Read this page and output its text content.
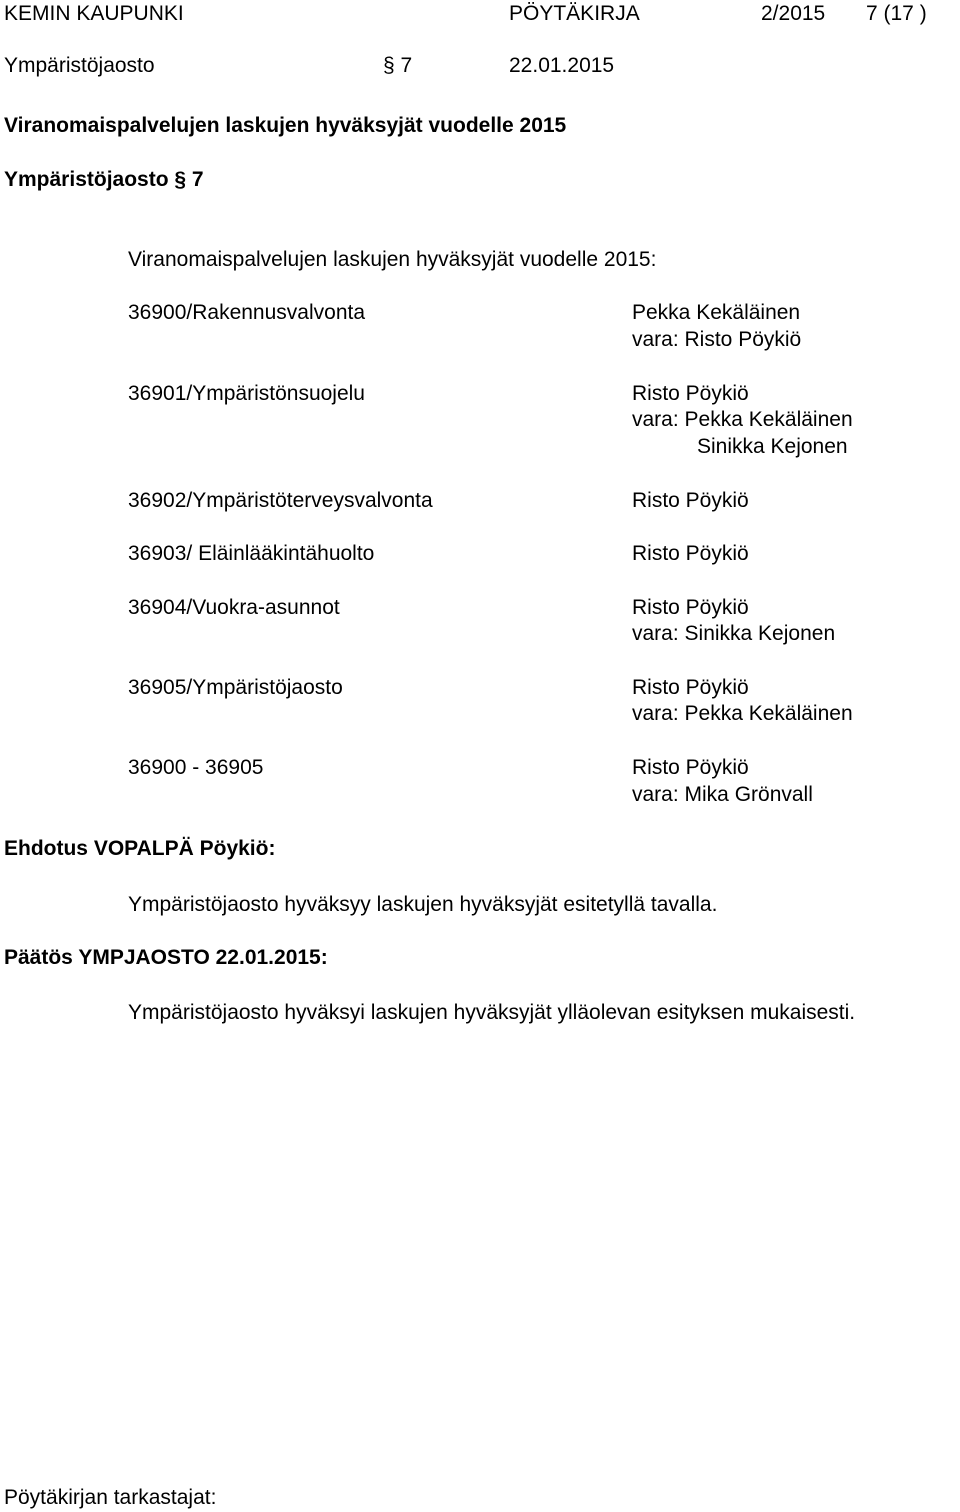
KEMIN KAUPUNKI	PÖYTÄKIRJA	2/2015 7 (17 )
Ympäristöjaosto	§ 7	22.01.2015
Viranomaispalvelujen laskujen hyväksyjät vuodelle 2015
Ympäristöjaosto § 7
Viranomaispalvelujen laskujen hyväksyjät vuodelle 2015:
36900/Rakennusvalvonta	Pekka Kekäläinen
vara: Risto Pöykiö
36901/Ympäristönsuojelu	Risto Pöykiö
vara: Pekka Kekäläinen
Sinikka Kejonen
36902/Ympäristöterveysvalvonta	Risto Pöykiö
36903/ Eläinlääkintähuolto	Risto Pöykiö
36904/Vuokra-asunnot	Risto Pöykiö
vara: Sinikka Kejonen
36905/Ympäristöjaosto	Risto Pöykiö
vara: Pekka Kekäläinen
36900 - 36905	Risto Pöykiö
vara: Mika Grönvall
Ehdotus VOPALPÄ Pöykiö:
Ympäristöjaosto hyväksyy laskujen hyväksyjät esitetyllä tavalla.
Päätös YMPJAOSTO 22.01.2015:
Ympäristöjaosto hyväksyi laskujen hyväksyjät ylläolevan esityksen mukaisesti.
Pöytäkirjan tarkastajat:
